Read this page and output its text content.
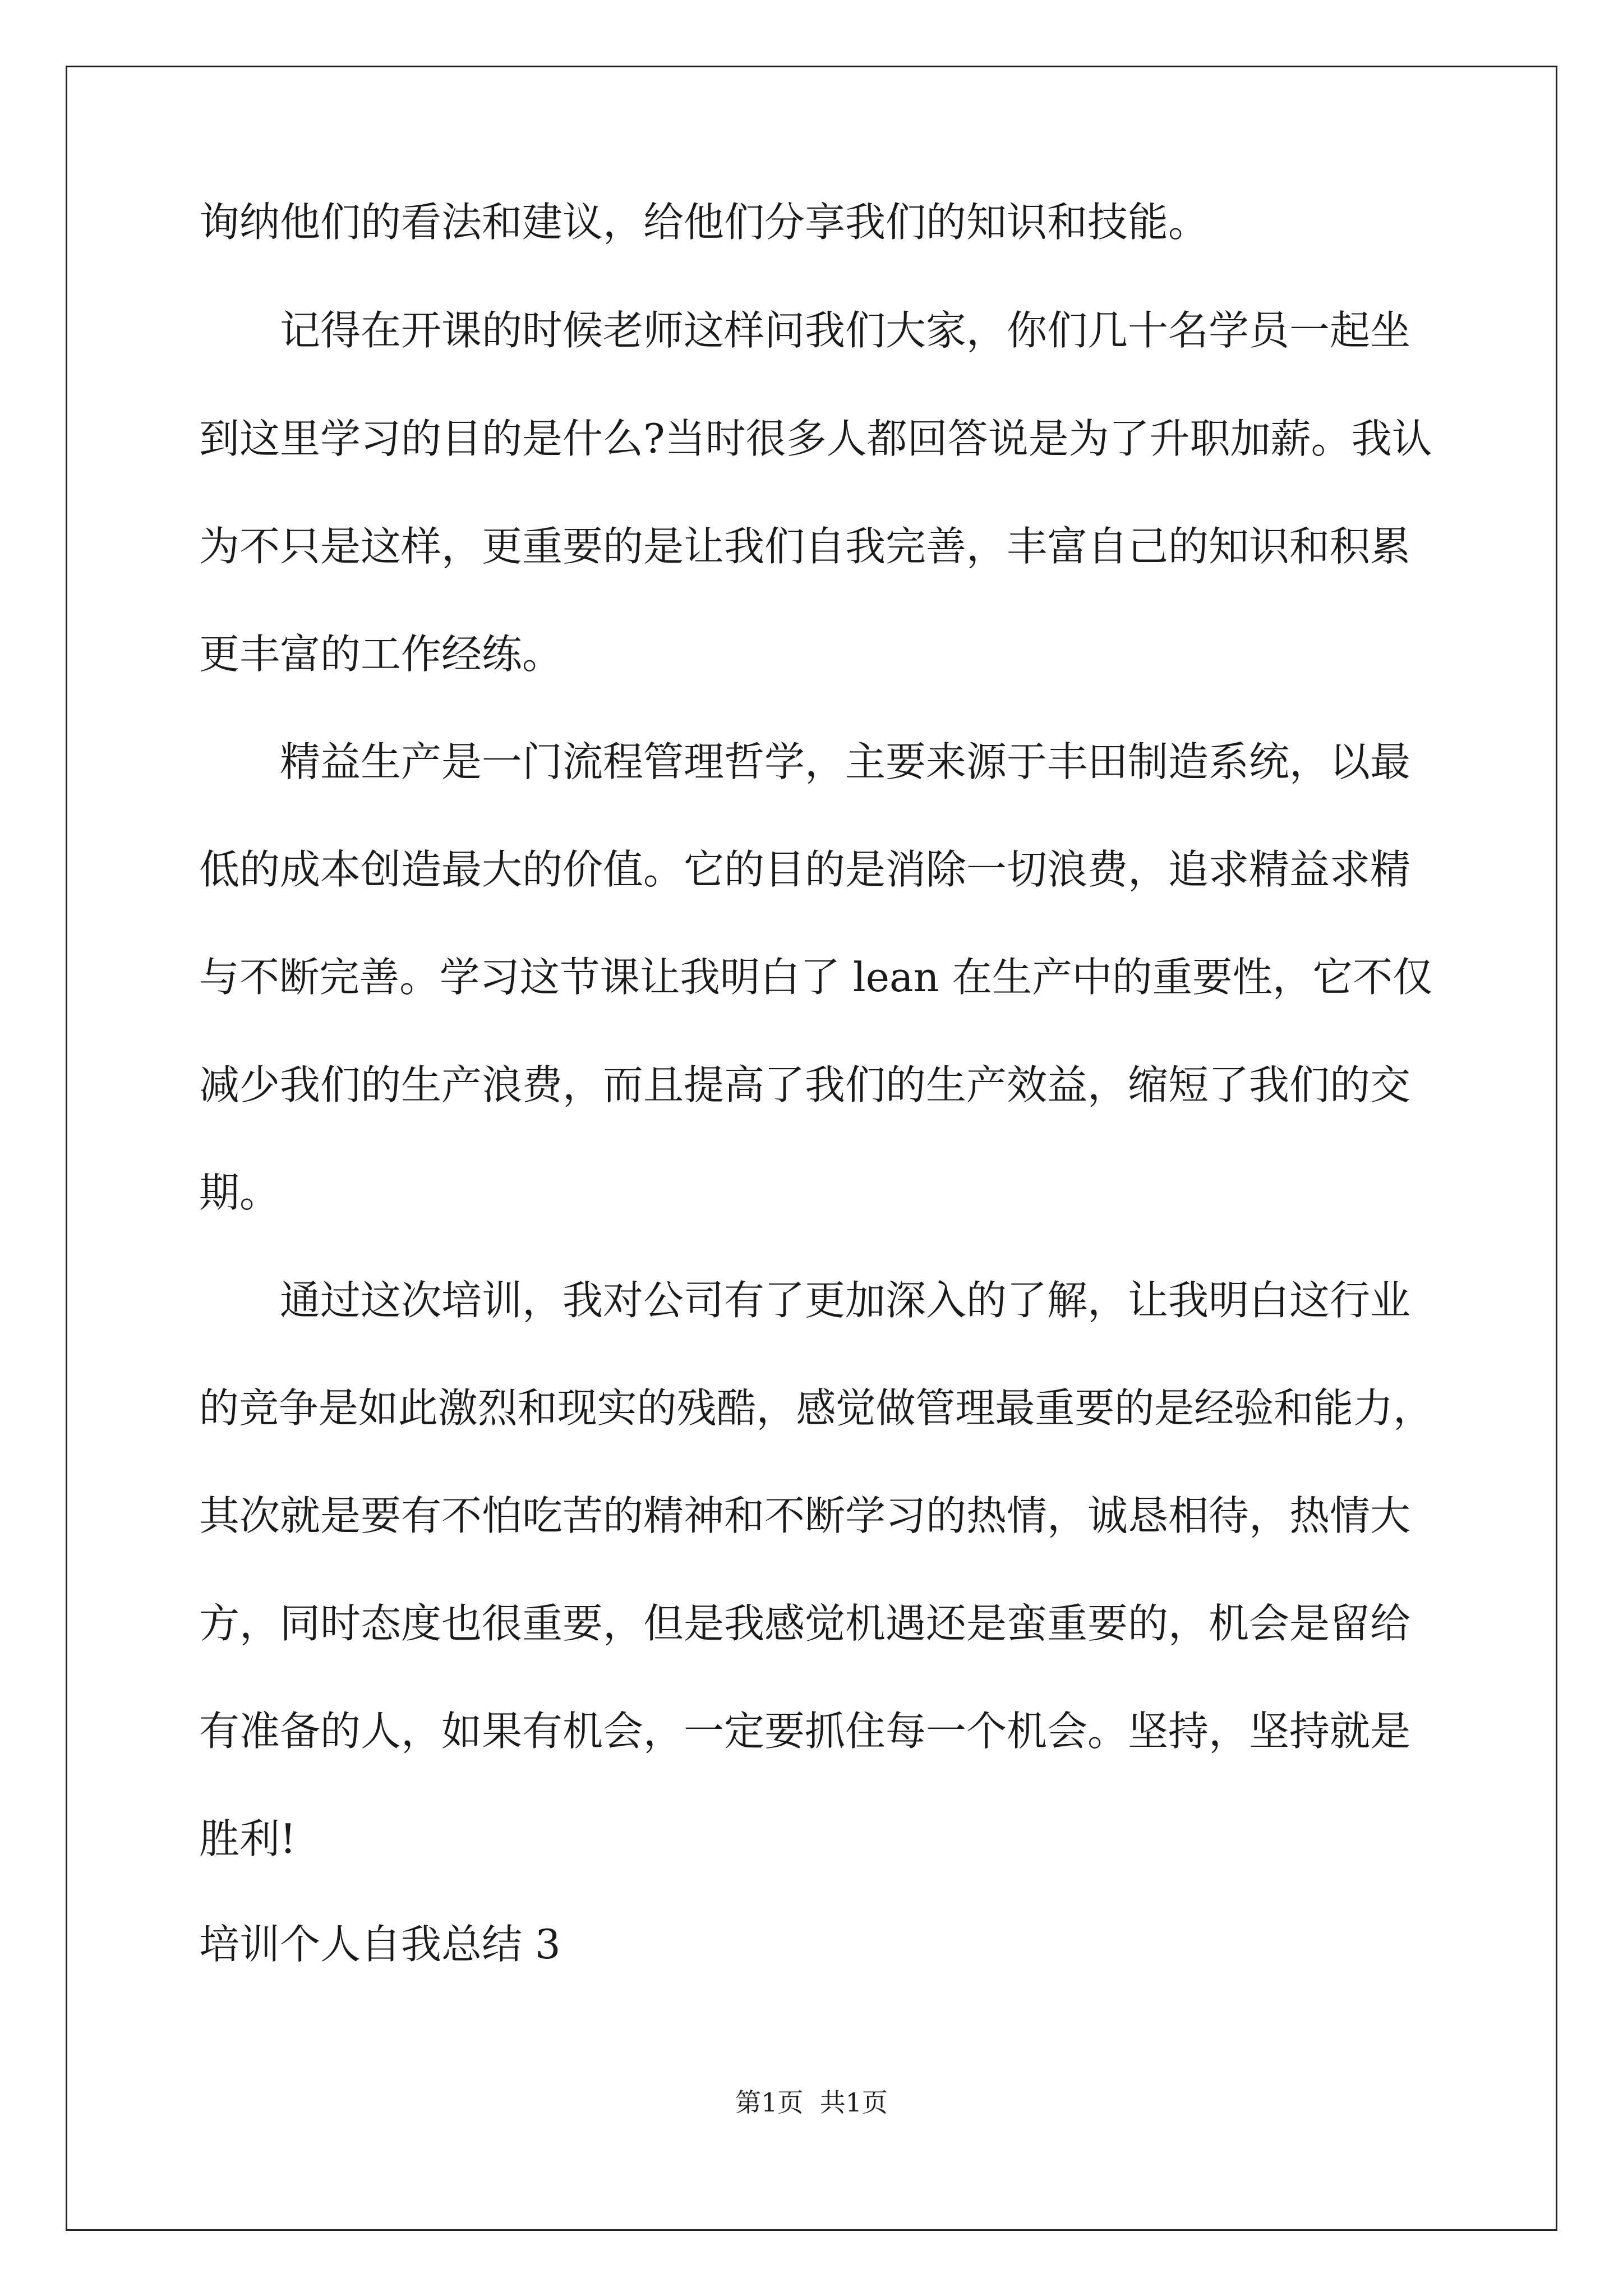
询纳他们的看法和建议，给他们分享我们的知识和技能。
记得在开课的时候老师这样问我们大家，你们几十名学员一起坐
到这里学习的目的是什么?当时很多人都回答说是为了升职加薪。我认
为不只是这样，更重要的是让我们自我完善，丰富自己的知识和积累
更丰富的工作经练。
精益生产是一门流程管理哲学，主要来源于丰田制造系统，以最
低的成本创造最大的价值。它的目的是消除一切浪费，追求精益求精
与不断完善。学习这节课让我明白了 lean 在生产中的重要性，它不仅
减少我们的生产浪费，而且提高了我们的生产效益，缩短了我们的交
期。
通过这次培训，我对公司有了更加深入的了解，让我明白这行业
的竞争是如此激烈和现实的残酷，感觉做管理最重要的是经验和能力，
其次就是要有不怕吃苦的精神和不断学习的热情，诚恳相待，热情大
方，同时态度也很重要，但是我感觉机遇还是蛮重要的，机会是留给
有准备的人，如果有机会，一定要抓住每一个机会。坚持，坚持就是
胜利!
培训个人自我总结 3
第1页  共1页
